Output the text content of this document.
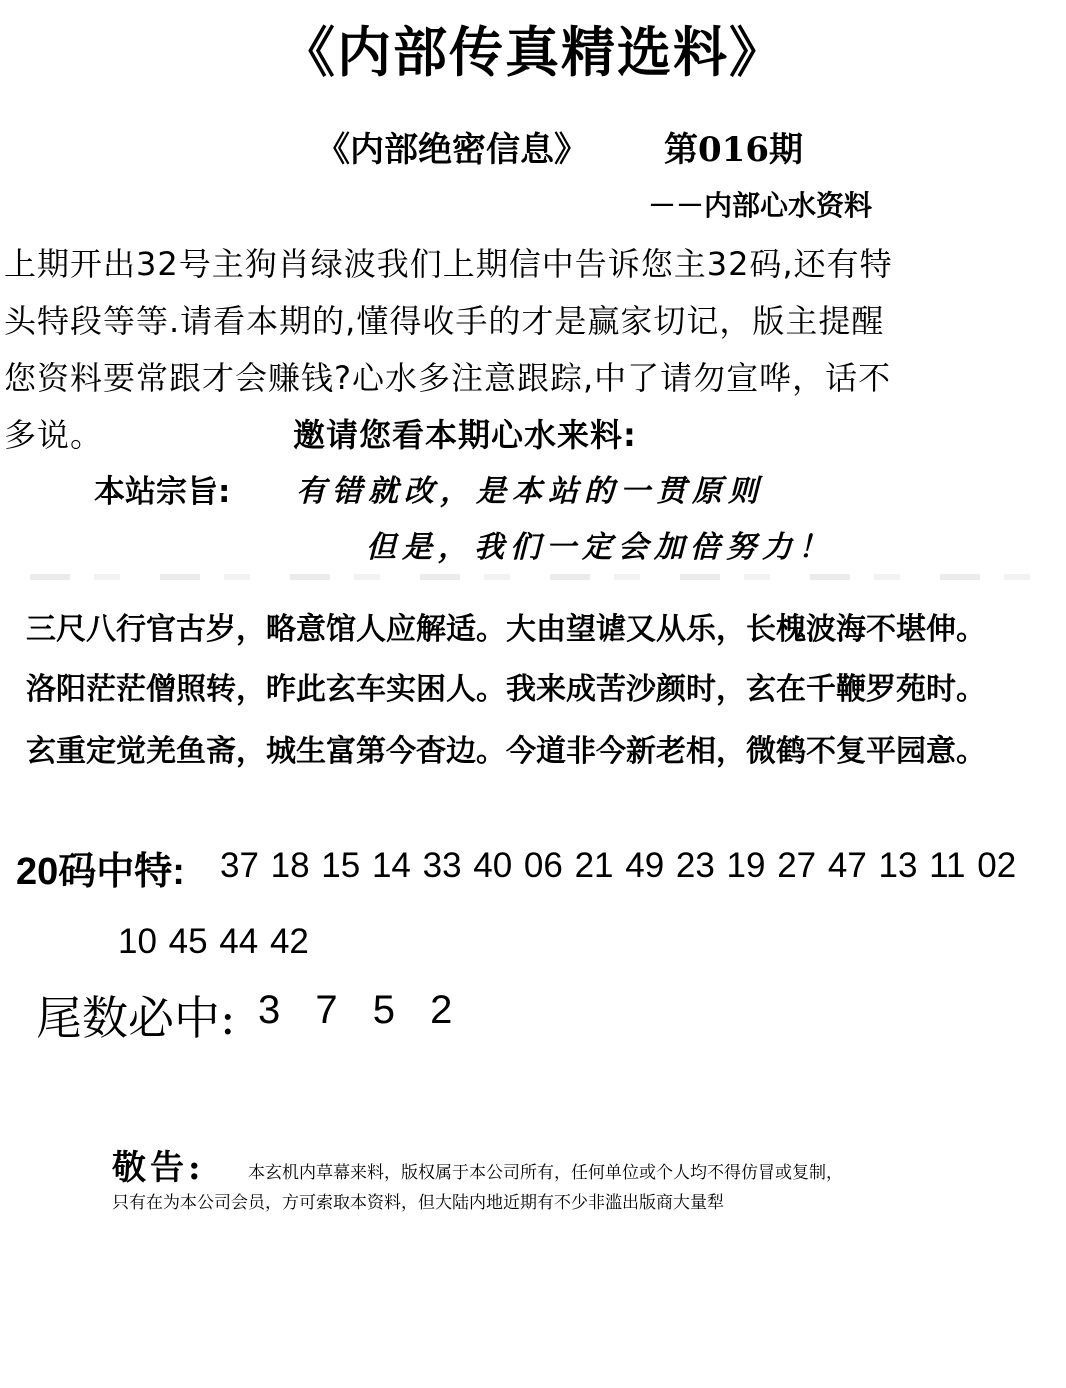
《内部传真精选料》
《内部绝密信息》 第016期
－－内部心水资料
上期开出32号主狗肖绿波我们上期信中告诉您主32码,还有特
头特段等等.请看本期的,懂得收手的才是赢家切记，版主提醒
您资料要常跟才会赚钱?心水多注意跟踪,中了请勿宣哗，话不
多说。	邀请您看本期心水来料:
本站宗旨: 有错就改，是本站的一贯原则
但是，我们一定会加倍努力！
三尺八行官古岁，略意馆人应解适。大由望谑又从乐，长槐波海不堪伸。
洛阳茫茫僧照转，昨此玄车实困人。我来成苦沙颜时，玄在千鞭罗苑时。
玄重定觉羌鱼斋，城生富第今杳边。今道非今新老相，微鹤不复平园意。
20码中特: 37 18 15 14 33 40 06 21 49 23 19 27 47 13 11 02
10 45 44 42
尾数必中: 3 7 5 2
敬告:	本玄机内草幕来料，版权属于本公司所有，任何单位或个人均不得仿冒或复制，
只有在为本公司会员，方可索取本资料，但大陆内地近期有不少非滥出版商大量犁
